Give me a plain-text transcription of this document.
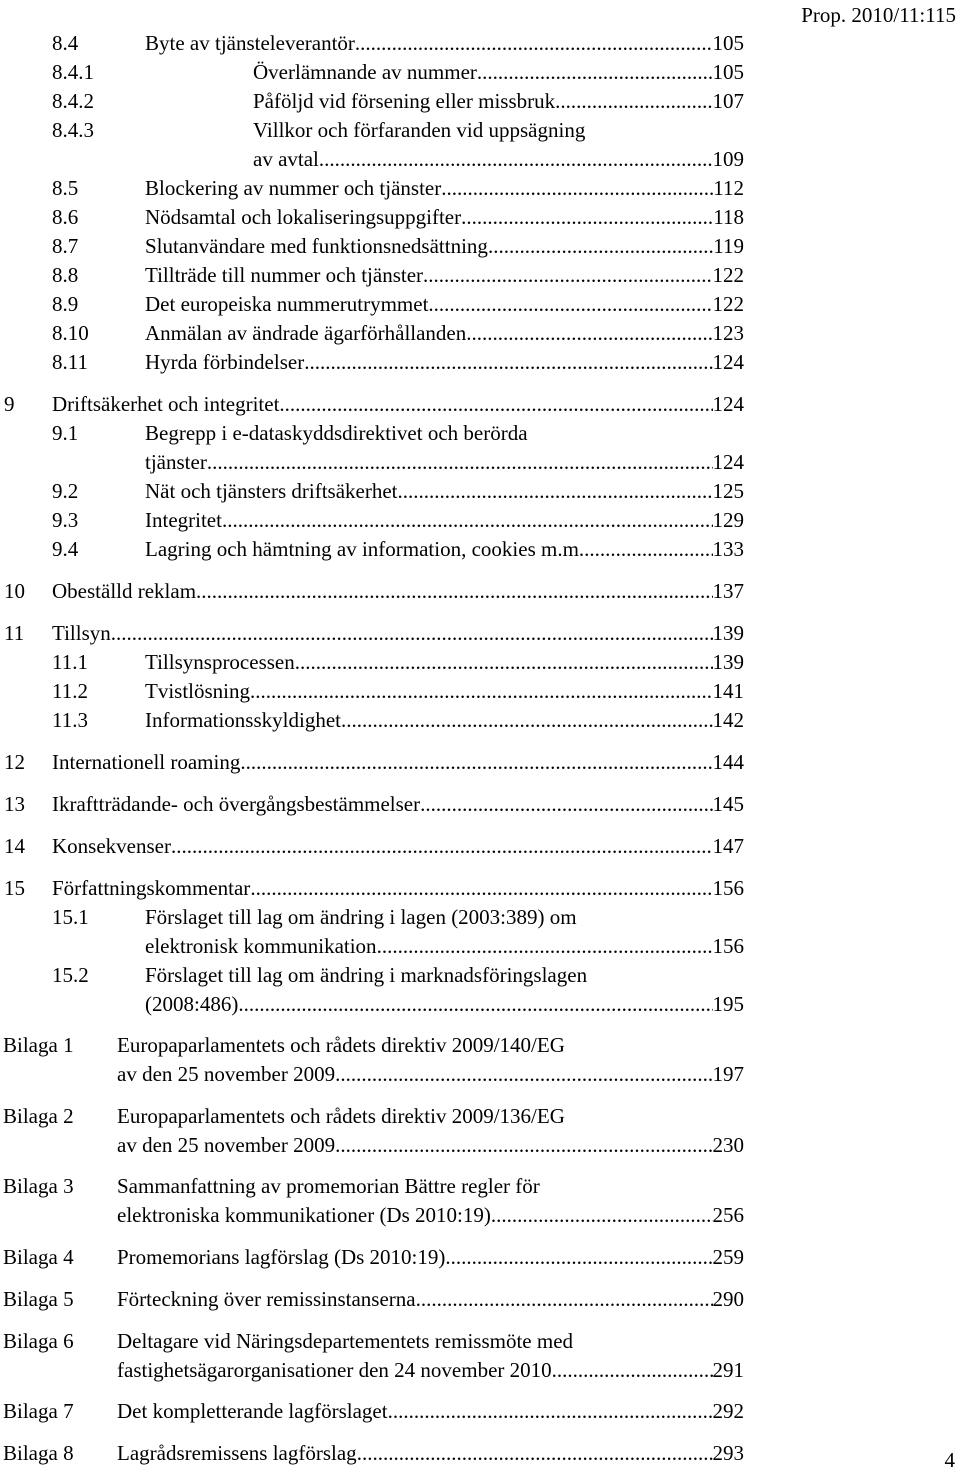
Prop. 2010/11:115
8.4	Byte av tjänsteleverantör .....	105
8.4.1	Överlämnande av nummer .....	105
8.4.2	Påföljd vid försening eller missbruk .....	107
8.4.3	Villkor och förfaranden vid uppsägning
av avtal .....	109
8.5	Blockering av nummer och tjänster .....	112
8.6	Nödsamtal och lokaliseringsuppgifter .....	118
8.7	Slutanvändare med funktionsnedsättning .....	119
8.8	Tillträde till nummer och tjänster .....	122
8.9	Det europeiska nummerutrymmet .....	122
8.10	Anmälan av ändrade ägarförhållanden .....	123
8.11	Hyrda förbindelser .....	124
9 Driftsäkerhet och integritet .....	124
9.1	Begrepp i e-dataskyddsdirektivet och berörda
tjänster .....	124
9.2	Nät och tjänsters driftsäkerhet .....	125
9.3	Integritet .....	129
9.4	Lagring och hämtning av information, cookies m.m. .....	133
10 Obeställd reklam .....	137
11 Tillsyn .....	139
11.1	Tillsynsprocessen .....	139
11.2	Tvistlösning .....	141
11.3	Informationsskyldighet .....	142
12 Internationell roaming .....	144
13 Ikraftträdande- och övergångsbestämmelser .....	145
14 Konsekvenser .....	147
15 Författningskommentar .....	156
15.1	Förslaget till lag om ändring i lagen (2003:389) om
elektronisk kommunikation .....	156
15.2	Förslaget till lag om ändring i marknadsföringslagen
(2008:486) .....	195
Bilaga 1 Europaparlamentets och rådets direktiv 2009/140/EG
av den 25 november 2009 .....	197
Bilaga 2 Europaparlamentets och rådets direktiv 2009/136/EG
av den 25 november 2009 .....	230
Bilaga 3 Sammanfattning av promemorian Bättre regler för
elektroniska kommunikationer (Ds 2010:19) .....	256
Bilaga 4 Promemorians lagförslag (Ds 2010:19) .....	259
Bilaga 5 Förteckning över remissinstanserna .....	290
Bilaga 6 Deltagare vid Näringsdepartementets remissmöte med
fastighetsägarorganisationer den 24 november 2010 .....	291
Bilaga 7 Det kompletterande lagförslaget .....	292
Bilaga 8 Lagrådsremissens lagförslag .....	293	4
